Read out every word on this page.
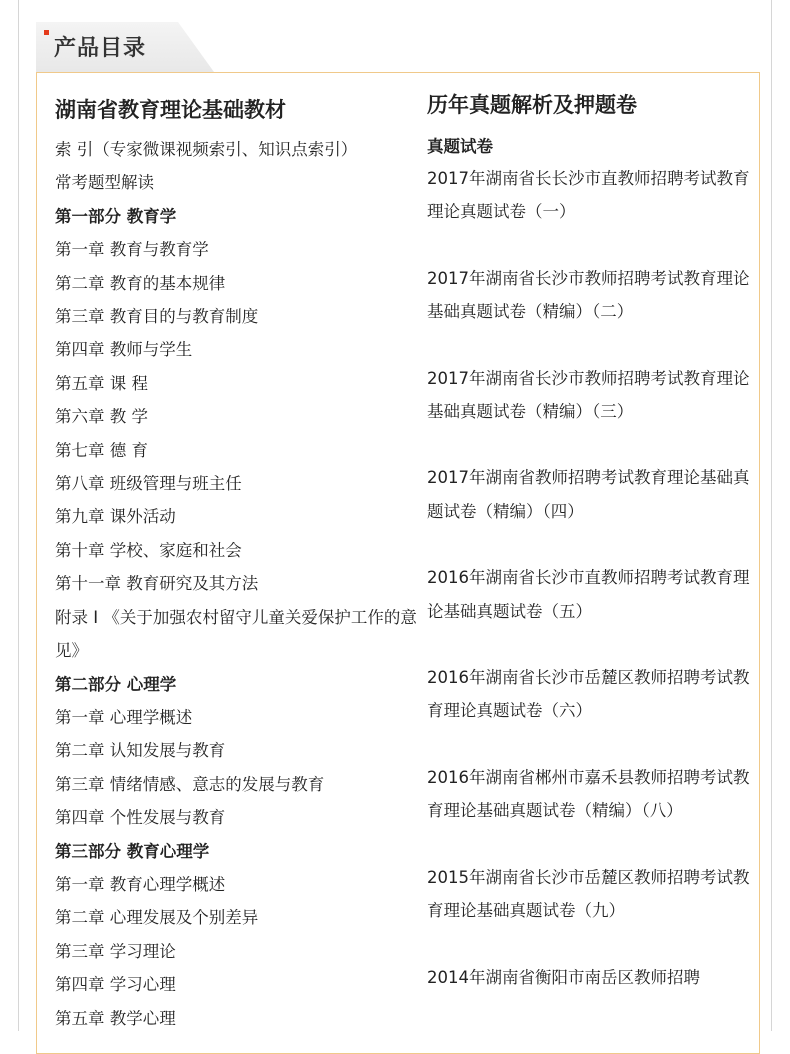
产品目录
湖南省教育理论基础教材
索 引（专家微课视频索引、知识点索引）
常考题型解读
第一部分 教育学
第一章 教育与教育学
第二章 教育的基本规律
第三章 教育目的与教育制度
第四章 教师与学生
第五章 课 程
第六章 教 学
第七章 德 育
第八章 班级管理与班主任
第九章 课外活动
第十章 学校、家庭和社会
第十一章 教育研究及其方法
附录 I 《关于加强农村留守儿童关爱保护工作的意见》
第二部分 心理学
第一章 心理学概述
第二章 认知发展与教育
第三章 情绪情感、意志的发展与教育
第四章 个性发展与教育
第三部分 教育心理学
第一章 教育心理学概述
第二章 心理发展及个别差异
第三章 学习理论
第四章 学习心理
第五章 教学心理
历年真题解析及押题卷
真题试卷
2017年湖南省长长沙市直教师招聘考试教育理论真题试卷（一）
2017年湖南省长沙市教师招聘考试教育理论基础真题试卷（精编）（二）
2017年湖南省长沙市教师招聘考试教育理论基础真题试卷（精编）（三）
2017年湖南省教师招聘考试教育理论基础真题试卷（精编）（四）
2016年湖南省长沙市直教师招聘考试教育理论基础真题试卷（五）
2016年湖南省长沙市岳麓区教师招聘考试教育理论真题试卷（六）
2016年湖南省郴州市嘉禾县教师招聘考试教育理论基础真题试卷（精编）（八）
2015年湖南省长沙市岳麓区教师招聘考试教育理论基础真题试卷（九）
2014年湖南省衡阳市南岳区教师招聘
